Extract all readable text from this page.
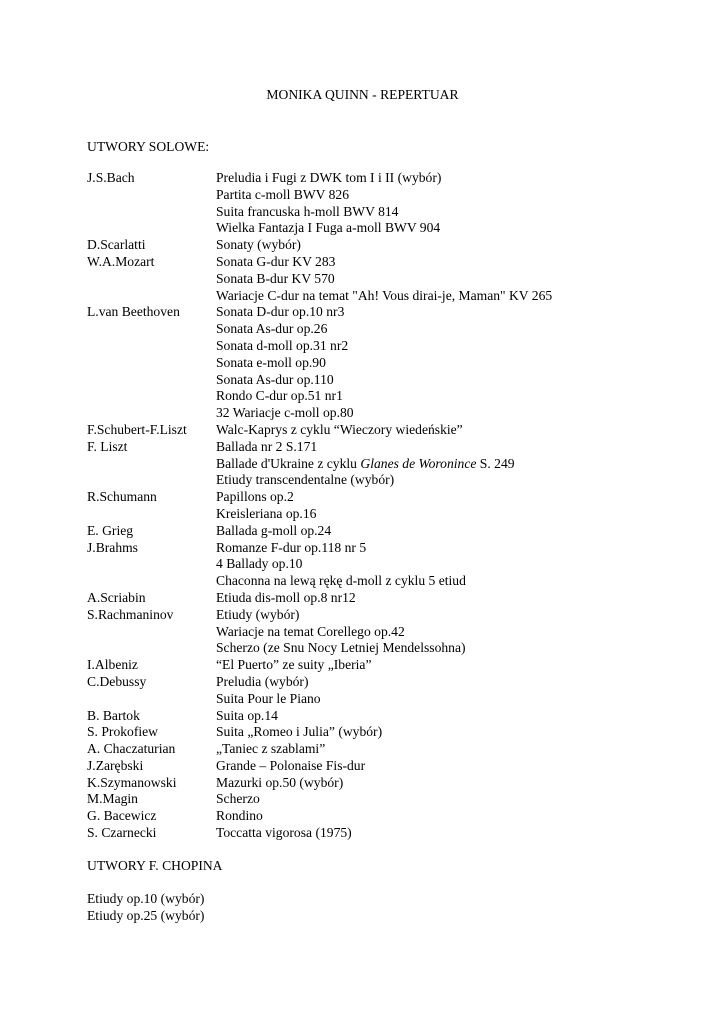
MONIKA QUINN - REPERTUAR
UTWORY SOLOWE:
J.S.Bach	Preludia i Fugi z DWK tom I i II (wybór)
Partita c-moll BWV 826
Suita francuska h-moll BWV 814
Wielka Fantazja I Fuga a-moll BWV 904
D.Scarlatti	Sonaty (wybór)
W.A.Mozart	Sonata G-dur KV 283
Sonata B-dur KV 570
Wariacje C-dur na temat "Ah! Vous dirai-je, Maman" KV 265
L.van Beethoven	Sonata D-dur op.10 nr3
Sonata As-dur op.26
Sonata d-moll op.31 nr2
Sonata e-moll op.90
Sonata As-dur op.110
Rondo C-dur op.51 nr1
32 Wariacje c-moll op.80
F.Schubert-F.Liszt	Walc-Kaprys z cyklu “Wieczory wiedeńskie”
F. Liszt	Ballada nr 2 S.171
Ballade d'Ukraine z cyklu Glanes de Woronince S. 249
Etiudy transcendentalne (wybór)
R.Schumann	Papillons op.2
Kreisleriana op.16
E. Grieg	Ballada g-moll op.24
J.Brahms	Romanze F-dur op.118 nr 5
4 Ballady op.10
Chaconna na lewą rękę d-moll z cyklu 5 etiud
A.Scriabin	Etiuda dis-moll op.8 nr12
S.Rachmaninov	Etiudy (wybór)
Wariacje na temat Corellego op.42
Scherzo (ze Snu Nocy Letniej Mendelssohna)
I.Albeniz	“El Puerto” ze suity „Iberia”
C.Debussy	Preludia (wybór)
Suita Pour le Piano
B. Bartok	Suita op.14
S. Prokofiew	Suita „Romeo i Julia” (wybór)
A. Chaczaturian	„Taniec z szablami”
J.Zarębski	Grande – Polonaise Fis-dur
K.Szymanowski	Mazurki op.50 (wybór)
M.Magin	Scherzo
G. Bacewicz	Rondino
S. Czarnecki	Toccatta vigorosa (1975)
UTWORY F. CHOPINA
Etiudy op.10 (wybór)
Etiudy op.25 (wybór)
